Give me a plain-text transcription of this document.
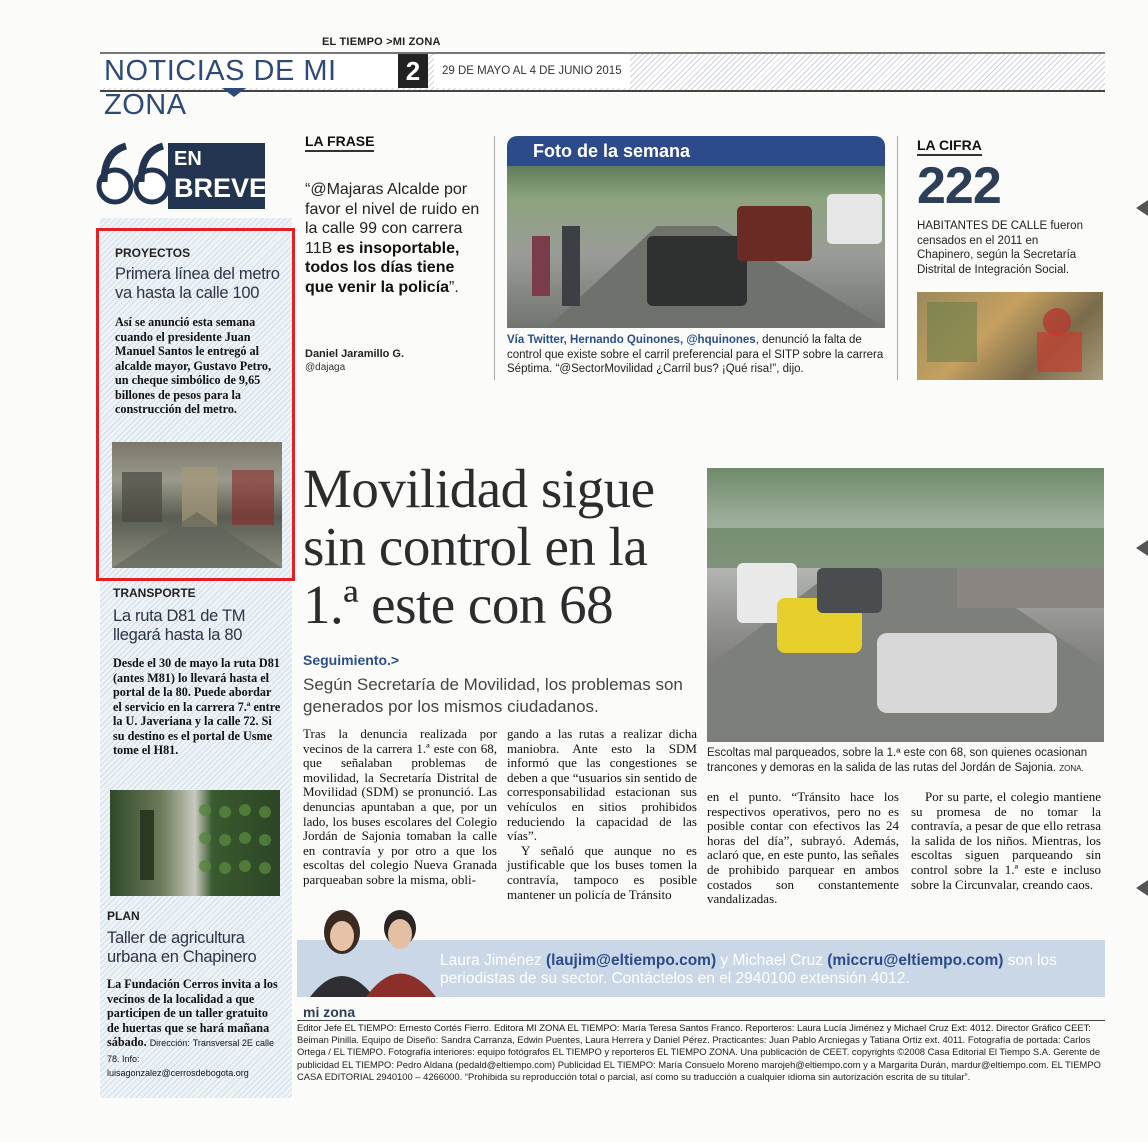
EL TIEMPO >MI ZONA
NOTICIAS DE MI ZONA
2	29 DE MAYO AL 4 DE JUNIO 2015
EN
BREVE
PROYECTOS
Primera línea del metro va hasta la calle 100
Así se anunció esta semana cuando el presidente Juan Manuel Santos le entregó al alcalde mayor, Gustavo Petro, un cheque simbólico de 9,65 billones de pesos para la construcción del metro.
TRANSPORTE
La ruta D81 de TM llegará hasta la 80
Desde el 30 de mayo la ruta D81 (antes M81) lo llevará hasta el portal de la 80. Puede abordar el servicio en la carrera 7.ª entre la U. Javeriana y la calle 72. Si su destino es el portal de Usme tome el H81.
PLAN
Taller de agricultura urbana en Chapinero
La Fundación Cerros invita a los vecinos de la localidad a que participen de un taller gratuito de huertas que se hará mañana sábado. Dirección: Transversal 2E calle 78. Info: luisagonzalez@cerrosdebogota.org
LA FRASE
“@Majaras Alcalde por favor el nivel de ruido en la calle 99 con carrera 11B es insoportable, todos los días tiene que venir la policía”.
Daniel Jaramillo G.
@dajaga
Foto de la semana
Vía Twitter, Hernando Quinones, @hquinones, denunció la falta de control que existe sobre el carril preferencial para el SITP sobre la carrera Séptima. “@SectorMovilidad ¿Carril bus? ¡Qué risa!”, dijo.
LA CIFRA
222
HABITANTES DE CALLE fueron censados en el 2011 en Chapinero, según la Secretaría Distrital de Integración Social.
Movilidad sigue sin control en la 1.ª este con 68
Seguimiento.>
Según Secretaría de Movilidad, los problemas son generados por los mismos ciudadanos.
Escoltas mal parqueados, sobre la 1.ª este con 68, son quienes ocasionan trancones y demoras en la salida de las rutas del Jordán de Sajonia. ZONA.
Tras la denuncia realizada por vecinos de la carrera 1.ª este con 68, que señalaban problemas de movilidad, la Secretaría Distrital de Movilidad (SDM) se pronunció. Las denuncias apuntaban a que, por un lado, los buses escolares del Colegio Jordán de Sajonia tomaban la calle en contravía y por otro a que los escoltas del colegio Nueva Granada parqueaban sobre la misma, obli-
gando a las rutas a realizar dicha maniobra. Ante esto la SDM informó que las congestiones se deben a que “usuarios sin sentido de corresponsabilidad estacionan sus vehículos en sitios prohibidos reduciendo la capacidad de las vías”.
Y señaló que aunque no es justificable que los buses tomen la contravía, tampoco es posible mantener un policía de Tránsito
en el punto. “Tránsito hace los respectivos operativos, pero no es posible contar con efectivos las 24 horas del día”, subrayó. Además, aclaró que, en este punto, las señales de prohibido parquear en ambos costados son constantemente vandalizadas.
Por su parte, el colegio mantiene su promesa de no tomar la contravía, a pesar de que ello retrasa la salida de los niños. Mientras, los escoltas siguen parqueando sin control sobre la 1.ª este e incluso sobre la Circunvalar, creando caos.
Laura Jiménez (laujim@eltiempo.com) y Michael Cruz (miccru@eltiempo.com) son los periodistas de su sector. Contáctelos en el 2940100 extensión 4012.
mi zona
Editor Jefe EL TIEMPO: Ernesto Cortés Fierro. Editora MI ZONA EL TIEMPO: María Teresa Santos Franco. Reporteros: Laura Lucía Jiménez y Michael Cruz Ext: 4012. Director Gráfico CEET: Beiman Pinilla. Equipo de Diseño: Sandra Carranza, Edwin Puentes, Laura Herrera y Daniel Pérez. Practicantes: Juan Pablo Arcniegas y Tatiana Ortiz ext. 4011. Fotografía de portada: Carlos Ortega / EL TIEMPO. Fotografía interiores: equipo fotógrafos EL TIEMPO y reporteros EL TIEMPO ZONA. Una publicación de CEET. copyrights ©2008 Casa Editorial El Tiempo S.A. Gerente de publicidad EL TIEMPO: Pedro Aldana (pedald@eltiempo.com) Publicidad EL TIEMPO: María Consuelo Moreno marojeh@eltiempo.com y a Margarita Durán, mardur@eltiempo.com. EL TIEMPO CASA EDITORIAL 2940100 – 4266000. “Prohibida su reproducción total o parcial, así como su traducción a cualquier idioma sin autorización escrita de su titular”.
